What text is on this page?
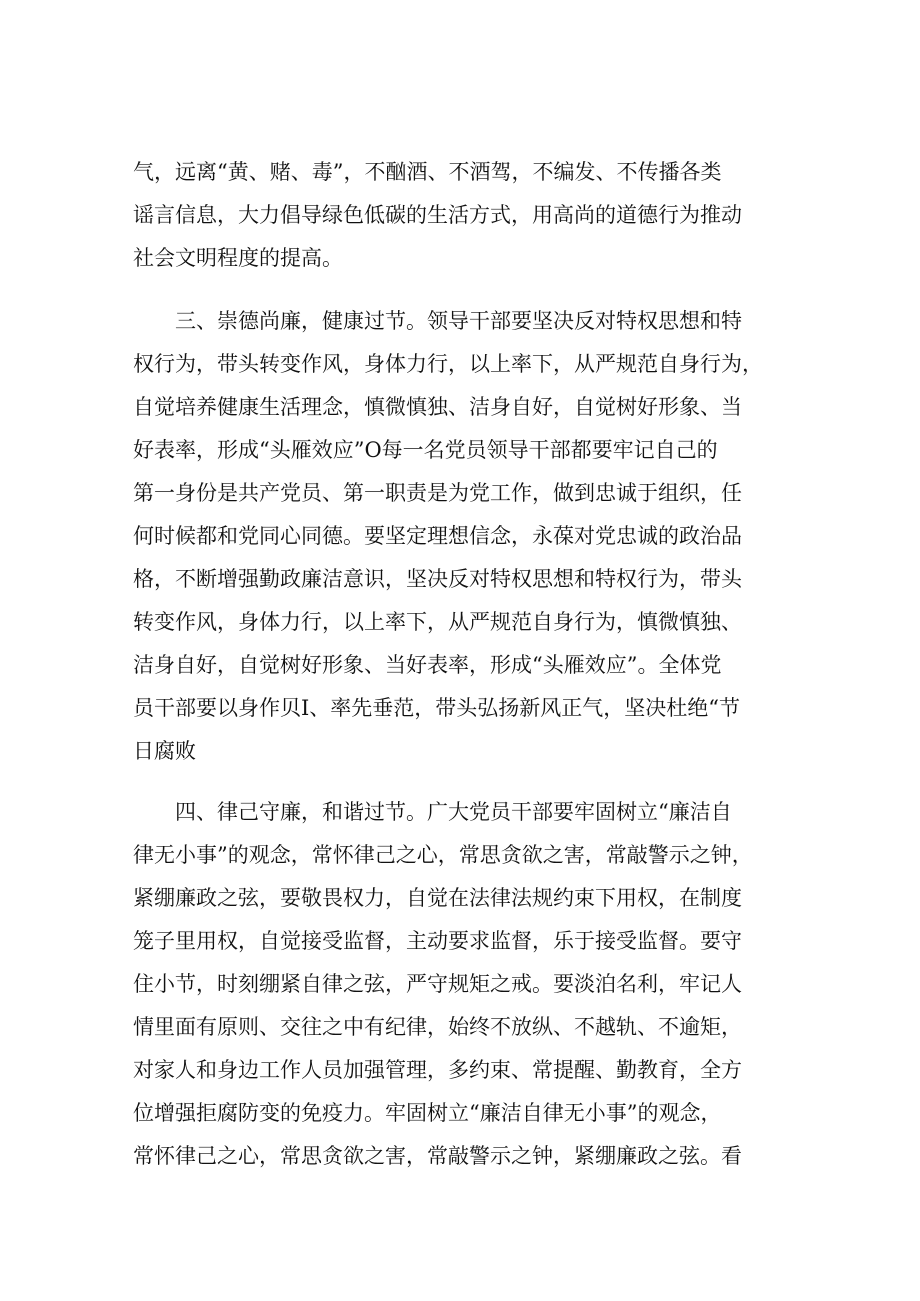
气，远离“黄、赌、毒”，不酗酒、不酒驾，不编发、不传播各类

谣言信息，大力倡导绿色低碳的生活方式，用高尚的道德行为推动

社会文明程度的提高。

　　三、崇德尚廉，健康过节。领导干部要坚决反对特权思想和特

权行为，带头转变作风，身体力行，以上率下，从严规范自身行为，

自觉培养健康生活理念，慎微慎独、洁身自好，自觉树好形象、当

好表率，形成“头雁效应”O每一名党员领导干部都要牢记自己的

第一身份是共产党员、第一职责是为党工作，做到忠诚于组织，任

何时候都和党同心同德。要坚定理想信念，永葆对党忠诚的政治品

格，不断增强勤政廉洁意识，坚决反对特权思想和特权行为，带头

转变作风，身体力行，以上率下，从严规范自身行为，慎微慎独、

洁身自好，自觉树好形象、当好表率，形成“头雁效应”。全体党

员干部要以身作贝I、率先垂范，带头弘扬新风正气，坚决杜绝“节

日腐败

　　四、律己守廉，和谐过节。广大党员干部要牢固树立“廉洁自

律无小事”的观念，常怀律己之心，常思贪欲之害，常敲警示之钟，

紧绷廉政之弦，要敬畏权力，自觉在法律法规约束下用权，在制度

笼子里用权，自觉接受监督，主动要求监督，乐于接受监督。要守

住小节，时刻绷紧自律之弦，严守规矩之戒。要淡泊名利，牢记人

情里面有原则、交往之中有纪律，始终不放纵、不越轨、不逾矩，

对家人和身边工作人员加强管理，多约束、常提醒、勤教育，全方

位增强拒腐防变的免疫力。牢固树立“廉洁自律无小事”的观念，

常怀律己之心，常思贪欲之害，常敲警示之钟，紧绷廉政之弦。看
